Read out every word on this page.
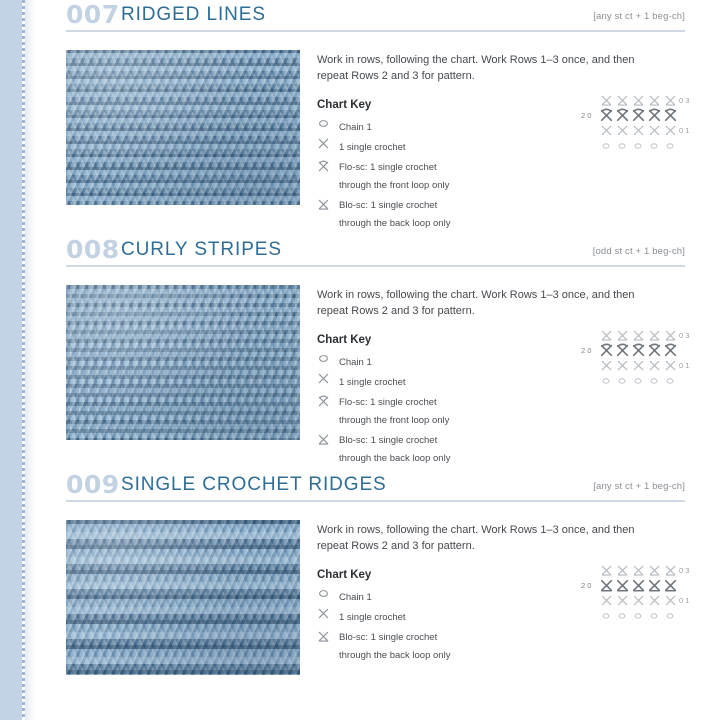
007 RIDGED LINES	[any st ct + 1 beg-ch]
Work in rows, following the chart. Work Rows 1–3 once, and then repeat Rows 2 and 3 for pattern.
Chart Key
Chain 1
1 single crochet
Flo-sc: 1 single crochet
through the front loop only
Blo-sc: 1 single crochet
through the back loop only
0 3
2 0
0 1
008 CURLY STRIPES	[odd st ct + 1 beg-ch]
Work in rows, following the chart. Work Rows 1–3 once, and then repeat Rows 2 and 3 for pattern.
Chart Key
Chain 1
1 single crochet
Flo-sc: 1 single crochet
through the front loop only
Blo-sc: 1 single crochet
through the back loop only
0 3
2 0
0 1
009 SINGLE CROCHET RIDGES	[any st ct + 1 beg-ch]
Work in rows, following the chart. Work Rows 1–3 once, and then repeat Rows 2 and 3 for pattern.
Chart Key
Chain 1
1 single crochet
Blo-sc: 1 single crochet
through the back loop only
0 3
2 0
0 1
